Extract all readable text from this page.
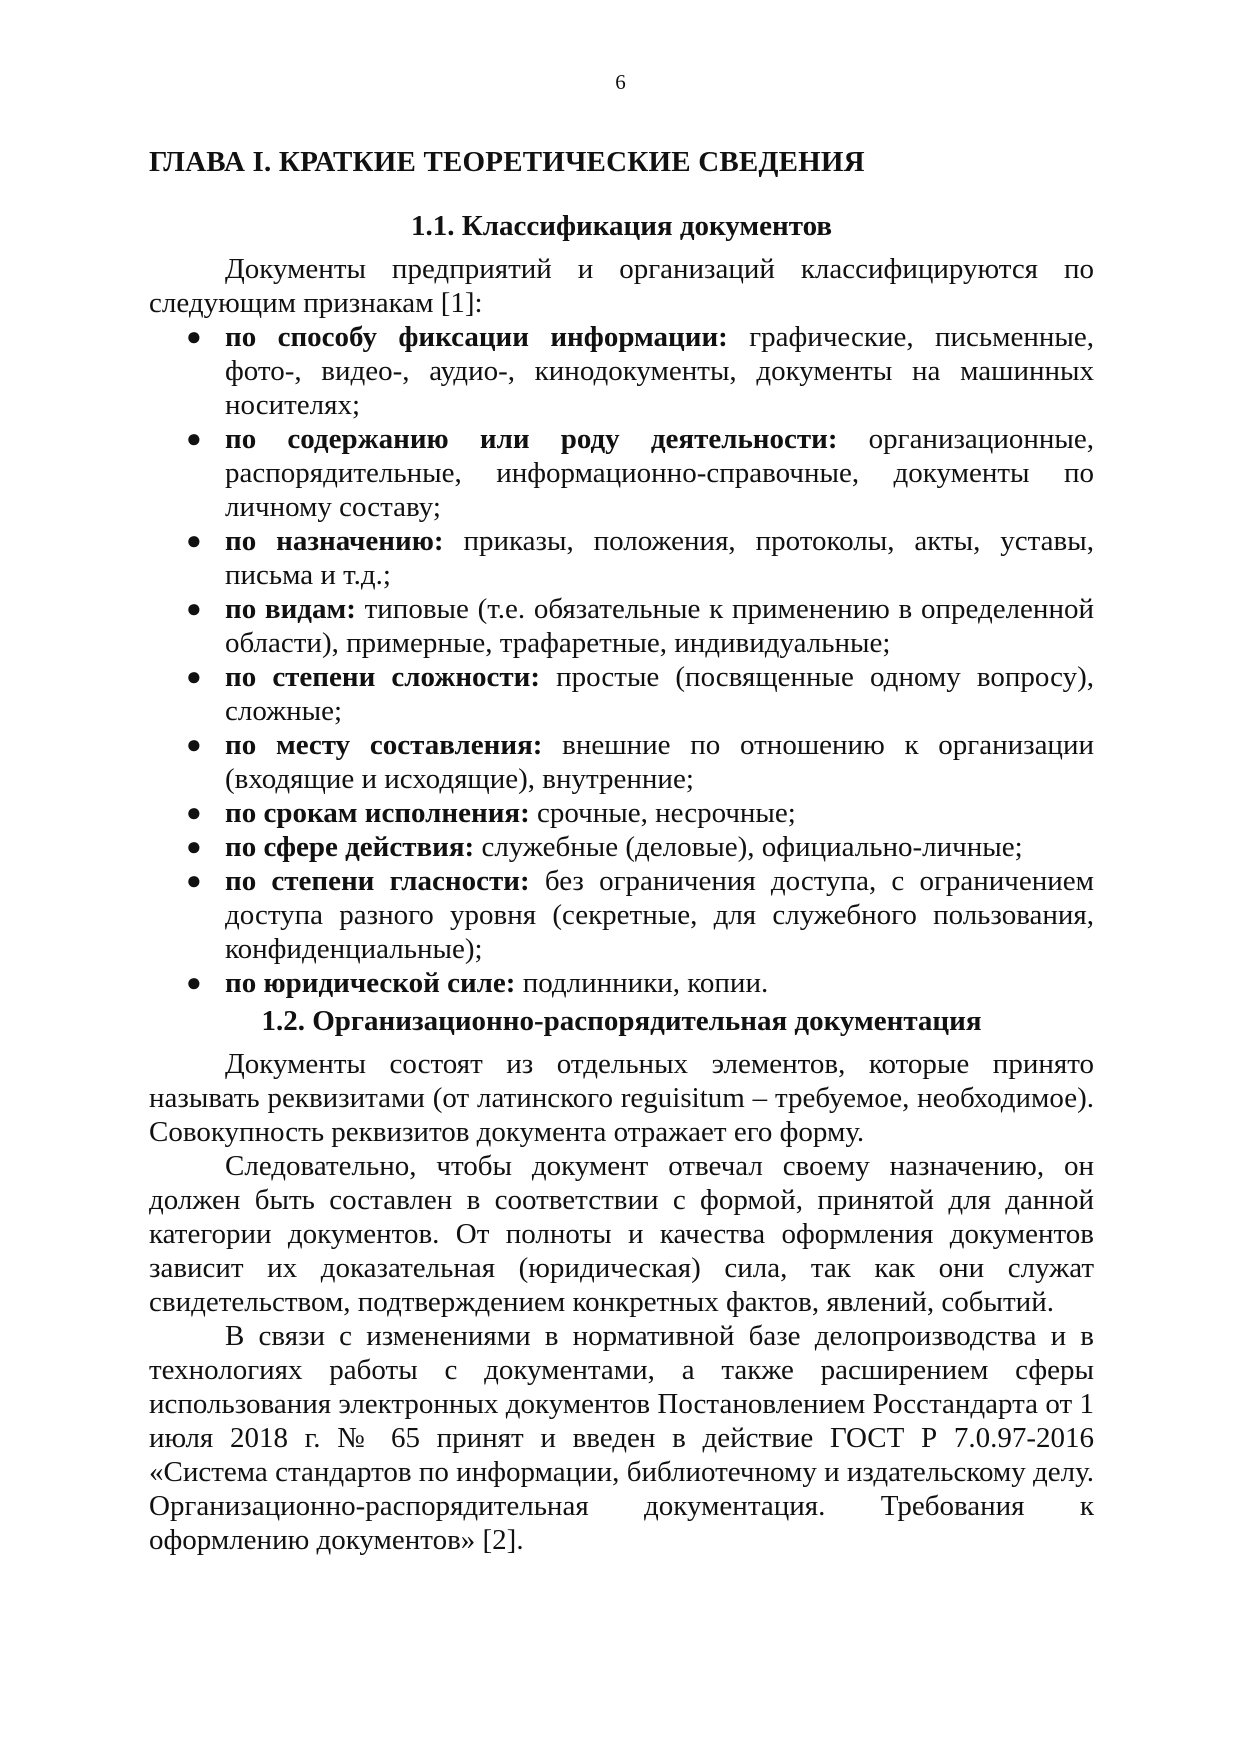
6
ГЛАВА I. КРАТКИЕ ТЕОРЕТИЧЕСКИЕ СВЕДЕНИЯ
1.1. Классификация документов

Документы предприятий и организаций классифицируются по следующим признакам [1]:

● по способу фиксации информации: графические, письменные, фото-, видео-, аудио-, кинодокументы, документы на машинных носителях;
● по содержанию или роду деятельности: организационные, распорядительные, информационно-справочные, документы по личному составу;
● по назначению: приказы, положения, протоколы, акты, уставы, письма и т.д.;
● по видам: типовые (т.е. обязательные к применению в определенной области), примерные, трафаретные, индивидуальные;
● по степени сложности: простые (посвященные одному вопросу), сложные;
● по месту составления: внешние по отношению к организации (входящие и исходящие), внутренние;
● по срокам исполнения: срочные, несрочные;
● по сфере действия: служебные (деловые), официально-личные;
● по степени гласности: без ограничения доступа, с ограничением доступа разного уровня (секретные, для служебного пользования, конфиденциальные);
● по юридической силе: подлинники, копии.
1.2. Организационно-распорядительная документация

Документы состоят из отдельных элементов, которые принято называть реквизитами (от латинского reguisitum – требуемое, необходимое). Совокупность реквизитов документа отражает его форму.

Следовательно, чтобы документ отвечал своему назначению, он должен быть составлен в соответствии с формой, принятой для данной категории документов. От полноты и качества оформления документов зависит их доказательная (юридическая) сила, так как они служат свидетельством, подтверждением конкретных фактов, явлений, событий.

В связи с изменениями в нормативной базе делопроизводства и в технологиях работы с документами, а также расширением сферы использования электронных документов Постановлением Росстандарта от 1 июля 2018 г. № 65 принят и введен в действие ГОСТ Р 7.0.97-2016 «Система стандартов по информации, библиотечному и издательскому делу. Организационно-распорядительная документация. Требования к оформлению документов» [2].
